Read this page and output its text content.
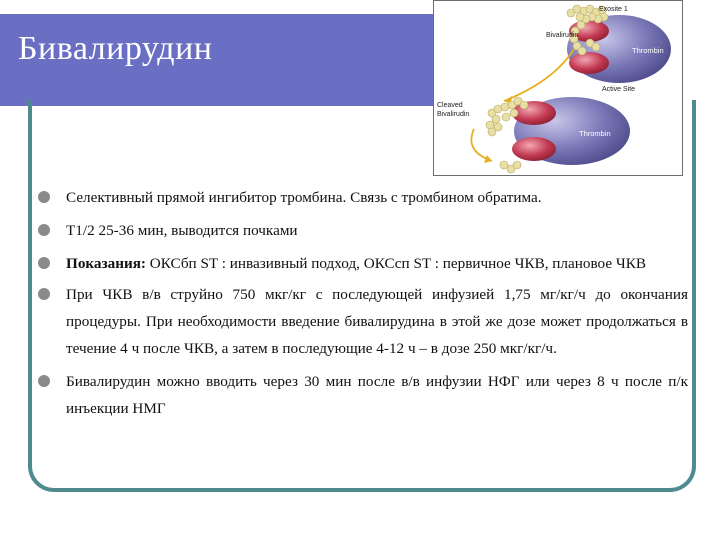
Бивалирудин
Exosite 1
Bivalirudin
Thrombin
Active Site
Cleaved
Bivalirudin
Thrombin
Селективный прямой ингибитор тромбина. Связь с тромбином обратима.
Т1/2 25-36 мин, выводится почками
Показания: ОКСбп ST : инвазивный подход, ОКСсп ST : первичное ЧКВ, плановое ЧКВ
При ЧКВ в/в струйно 750 мкг/кг с последующей инфузией 1,75 мг/кг/ч до окончания процедуры. При необходимости введение бивалирудина в этой же дозе может продолжаться в течение 4 ч после ЧКВ, а затем в последующие 4-12 ч – в дозе 250 мкг/кг/ч.
Бивалирудин можно вводить через 30 мин после в/в инфузии НФГ или через 8 ч после п/к инъекции НМГ
